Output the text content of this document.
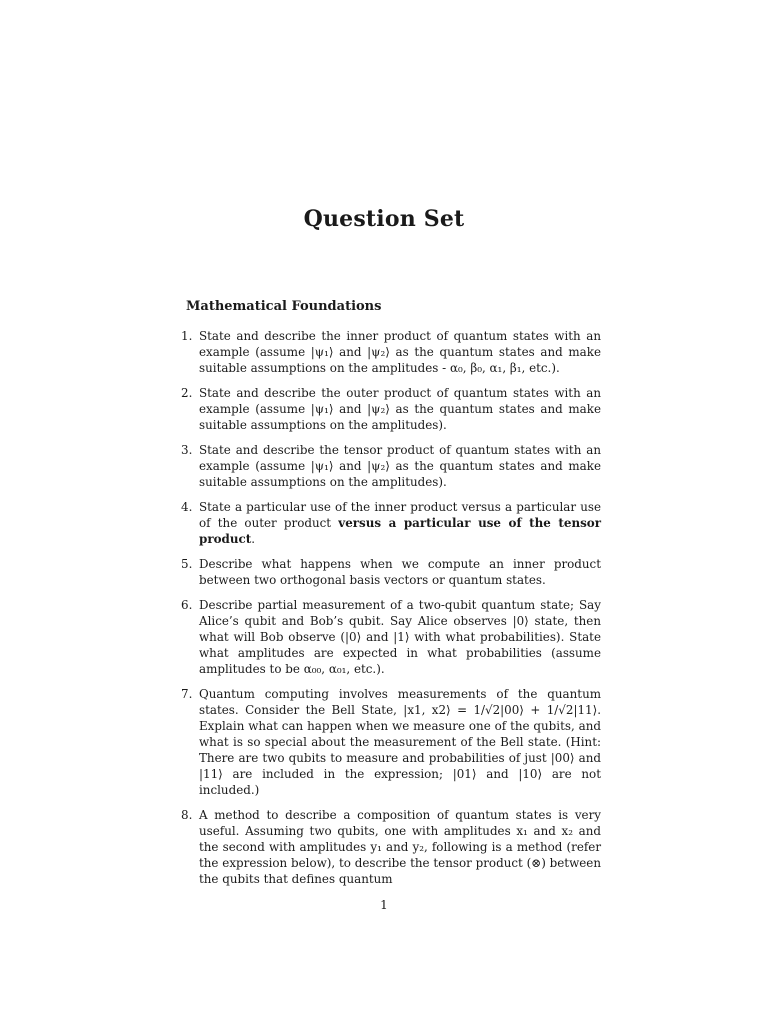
Question Set
Mathematical Foundations
1. State and describe the inner product of quantum states with an example (assume |ψ₁⟩ and |ψ₂⟩ as the quantum states and make suitable assumptions on the amplitudes - α₀, β₀, α₁, β₁, etc.).
2. State and describe the outer product of quantum states with an example (assume |ψ₁⟩ and |ψ₂⟩ as the quantum states and make suitable assumptions on the amplitudes).
3. State and describe the tensor product of quantum states with an example (assume |ψ₁⟩ and |ψ₂⟩ as the quantum states and make suitable assumptions on the amplitudes).
4. State a particular use of the inner product versus a particular use of the outer product versus a particular use of the tensor product.
5. Describe what happens when we compute an inner product between two orthogonal basis vectors or quantum states.
6. Describe partial measurement of a two-qubit quantum state; Say Alice’s qubit and Bob’s qubit. Say Alice observes |0⟩ state, then what will Bob observe (|0⟩ and |1⟩ with what probabilities). State what amplitudes are expected in what probabilities (assume amplitudes to be α₀₀, α₀₁, etc.).
7. Quantum computing involves measurements of the quantum states. Consider the Bell State, |x1, x2⟩ = 1/√2|00⟩ + 1/√2|11⟩. Explain what can happen when we measure one of the qubits, and what is so special about the measurement of the Bell state. (Hint: There are two qubits to measure and probabilities of just |00⟩ and |11⟩ are included in the expression; |01⟩ and |10⟩ are not included.)
8. A method to describe a composition of quantum states is very useful. Assuming two qubits, one with amplitudes x₁ and x₂ and the second with amplitudes y₁ and y₂, following is a method (refer the expression below), to describe the tensor product (⊗) between the qubits that defines quantum
1
